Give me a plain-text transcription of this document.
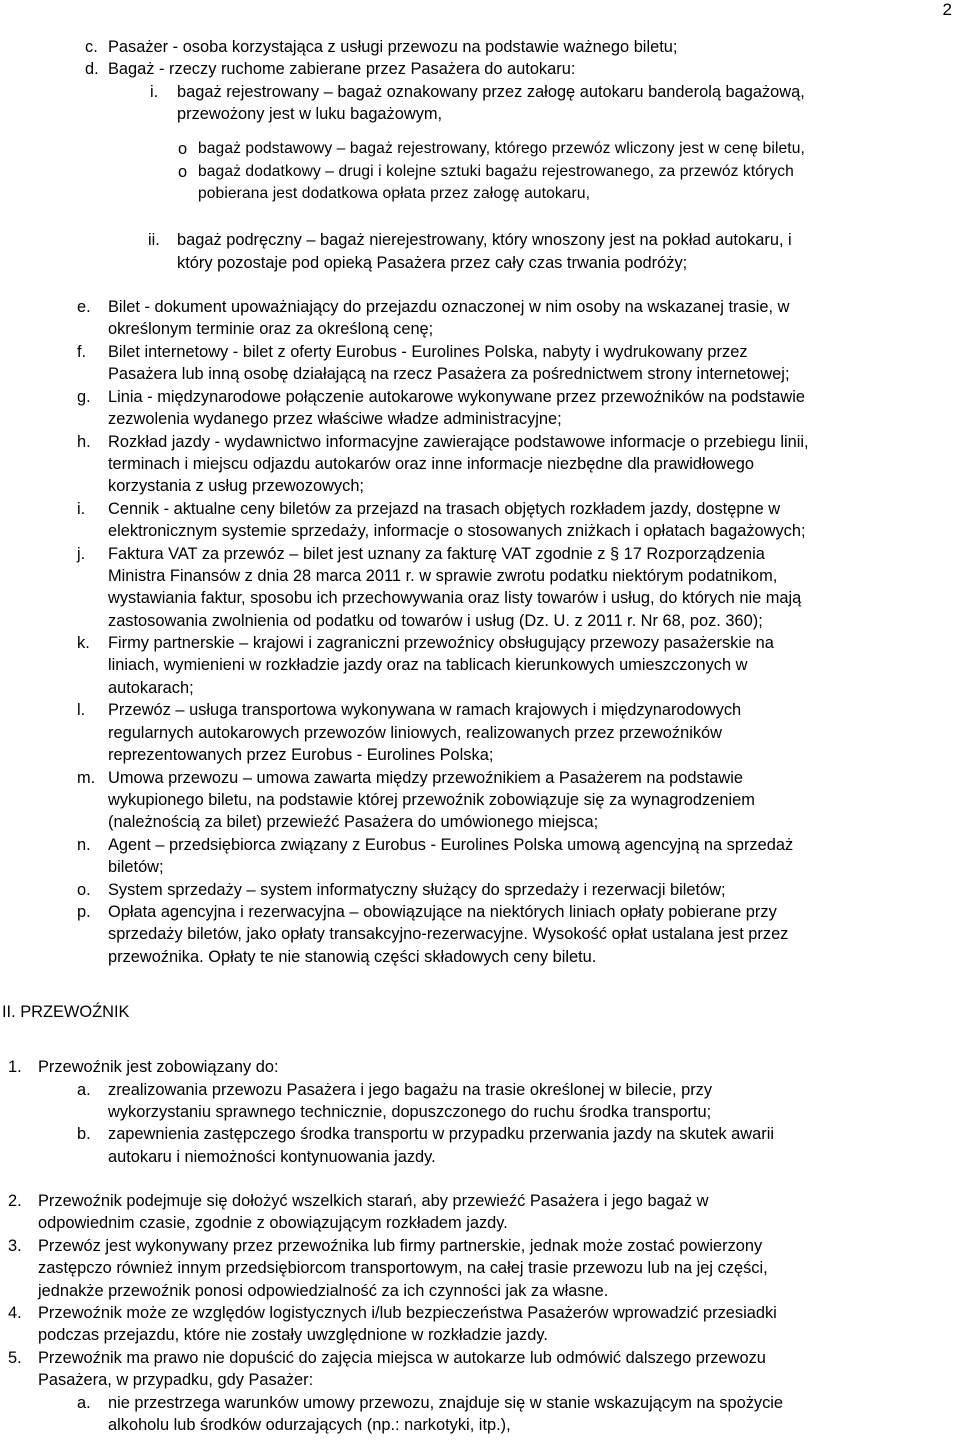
2
c. Pasażer - osoba korzystająca z usługi przewozu na podstawie ważnego biletu;
d. Bagaż - rzeczy ruchome zabierane przez Pasażera do autokaru:
i. bagaż rejestrowany – bagaż oznakowany przez załogę autokaru banderolą bagażową,
przewożony jest w luku bagażowym,
o bagaż podstawowy – bagaż rejestrowany, którego przewóz wliczony jest w cenę biletu,
o bagaż dodatkowy – drugi i kolejne sztuki bagażu rejestrowanego, za przewóz których
pobierana jest dodatkowa opłata przez załogę autokaru,
ii. bagaż podręczny – bagaż nierejestrowany, który wnoszony jest na pokład autokaru, i
który pozostaje pod opieką Pasażera przez cały czas trwania podróży;
e. Bilet - dokument upoważniający do przejazdu oznaczonej w nim osoby na wskazanej trasie, w
określonym terminie oraz za określoną cenę;
f. Bilet internetowy - bilet z oferty Eurobus - Eurolines Polska, nabyty i wydrukowany przez
Pasażera lub inną osobę działającą na rzecz Pasażera za pośrednictwem strony internetowej;
g. Linia - międzynarodowe połączenie autokarowe wykonywane przez przewoźników na podstawie
zezwolenia wydanego przez właściwe władze administracyjne;
h. Rozkład jazdy - wydawnictwo informacyjne zawierające podstawowe informacje o przebiegu linii,
terminach i miejscu odjazdu autokarów oraz inne informacje niezbędne dla prawidłowego
korzystania z usług przewozowych;
i. Cennik - aktualne ceny biletów za przejazd na trasach objętych rozkładem jazdy, dostępne w
elektronicznym systemie sprzedaży, informacje o stosowanych zniżkach i opłatach bagażowych;
j. Faktura VAT za przewóz – bilet jest uznany za fakturę VAT zgodnie z § 17 Rozporządzenia
Ministra Finansów z dnia 28 marca 2011 r. w sprawie zwrotu podatku niektórym podatnikom,
wystawiania faktur, sposobu ich przechowywania oraz listy towarów i usług, do których nie mają
zastosowania zwolnienia od podatku od towarów i usług (Dz. U. z 2011 r. Nr 68, poz. 360);
k. Firmy partnerskie – krajowi i zagraniczni przewoźnicy obsługujący przewozy pasażerskie na
liniach, wymienieni w rozkładzie jazdy oraz na tablicach kierunkowych umieszczonych w
autokarach;
l. Przewóz – usługa transportowa wykonywana w ramach krajowych i międzynarodowych
regularnych autokarowych przewozów liniowych, realizowanych przez przewoźników
reprezentowanych przez Eurobus - Eurolines Polska;
m. Umowa przewozu – umowa zawarta między przewoźnikiem a Pasażerem na podstawie
wykupionego biletu, na podstawie której przewoźnik zobowiązuje się za wynagrodzeniem
(należnością za bilet) przewieźć Pasażera do umówionego miejsca;
n. Agent – przedsiębiorca związany z Eurobus - Eurolines Polska umową agencyjną na sprzedaż
biletów;
o. System sprzedaży – system informatyczny służący do sprzedaży i rezerwacji biletów;
p. Opłata agencyjna i rezerwacyjna – obowiązujące na niektórych liniach opłaty pobierane przy
sprzedaży biletów, jako opłaty transakcyjno-rezerwacyjne. Wysokość opłat ustalana jest przez
przewoźnika. Opłaty te nie stanowią części składowych ceny biletu.
II. PRZEWOŹNIK
1. Przewoźnik jest zobowiązany do:
a. zrealizowania przewozu Pasażera i jego bagażu na trasie określonej w bilecie, przy
wykorzystaniu sprawnego technicznie, dopuszczonego do ruchu środka transportu;
b. zapewnienia zastępczego środka transportu w przypadku przerwania jazdy na skutek awarii
autokaru i niemożności kontynuowania jazdy.
2. Przewoźnik podejmuje się dołożyć wszelkich starań, aby przewieźć Pasażera i jego bagaż w
odpowiednim czasie, zgodnie z obowiązującym rozkładem jazdy.
3. Przewóz jest wykonywany przez przewoźnika lub firmy partnerskie, jednak może zostać powierzony
zastępczo również innym przedsiębiorcom transportowym, na całej trasie przewozu lub na jej części,
jednakże przewoźnik ponosi odpowiedzialność za ich czynności jak za własne.
4. Przewoźnik może ze względów logistycznych i/lub bezpieczeństwa Pasażerów wprowadzić przesiadki
podczas przejazdu, które nie zostały uwzględnione w rozkładzie jazdy.
5. Przewoźnik ma prawo nie dopuścić do zajęcia miejsca w autokarze lub odmówić dalszego przewozu
Pasażera, w przypadku, gdy Pasażer:
a. nie przestrzega warunków umowy przewozu, znajduje się w stanie wskazującym na spożycie
alkoholu lub środków odurzających (np.: narkotyki, itp.),
